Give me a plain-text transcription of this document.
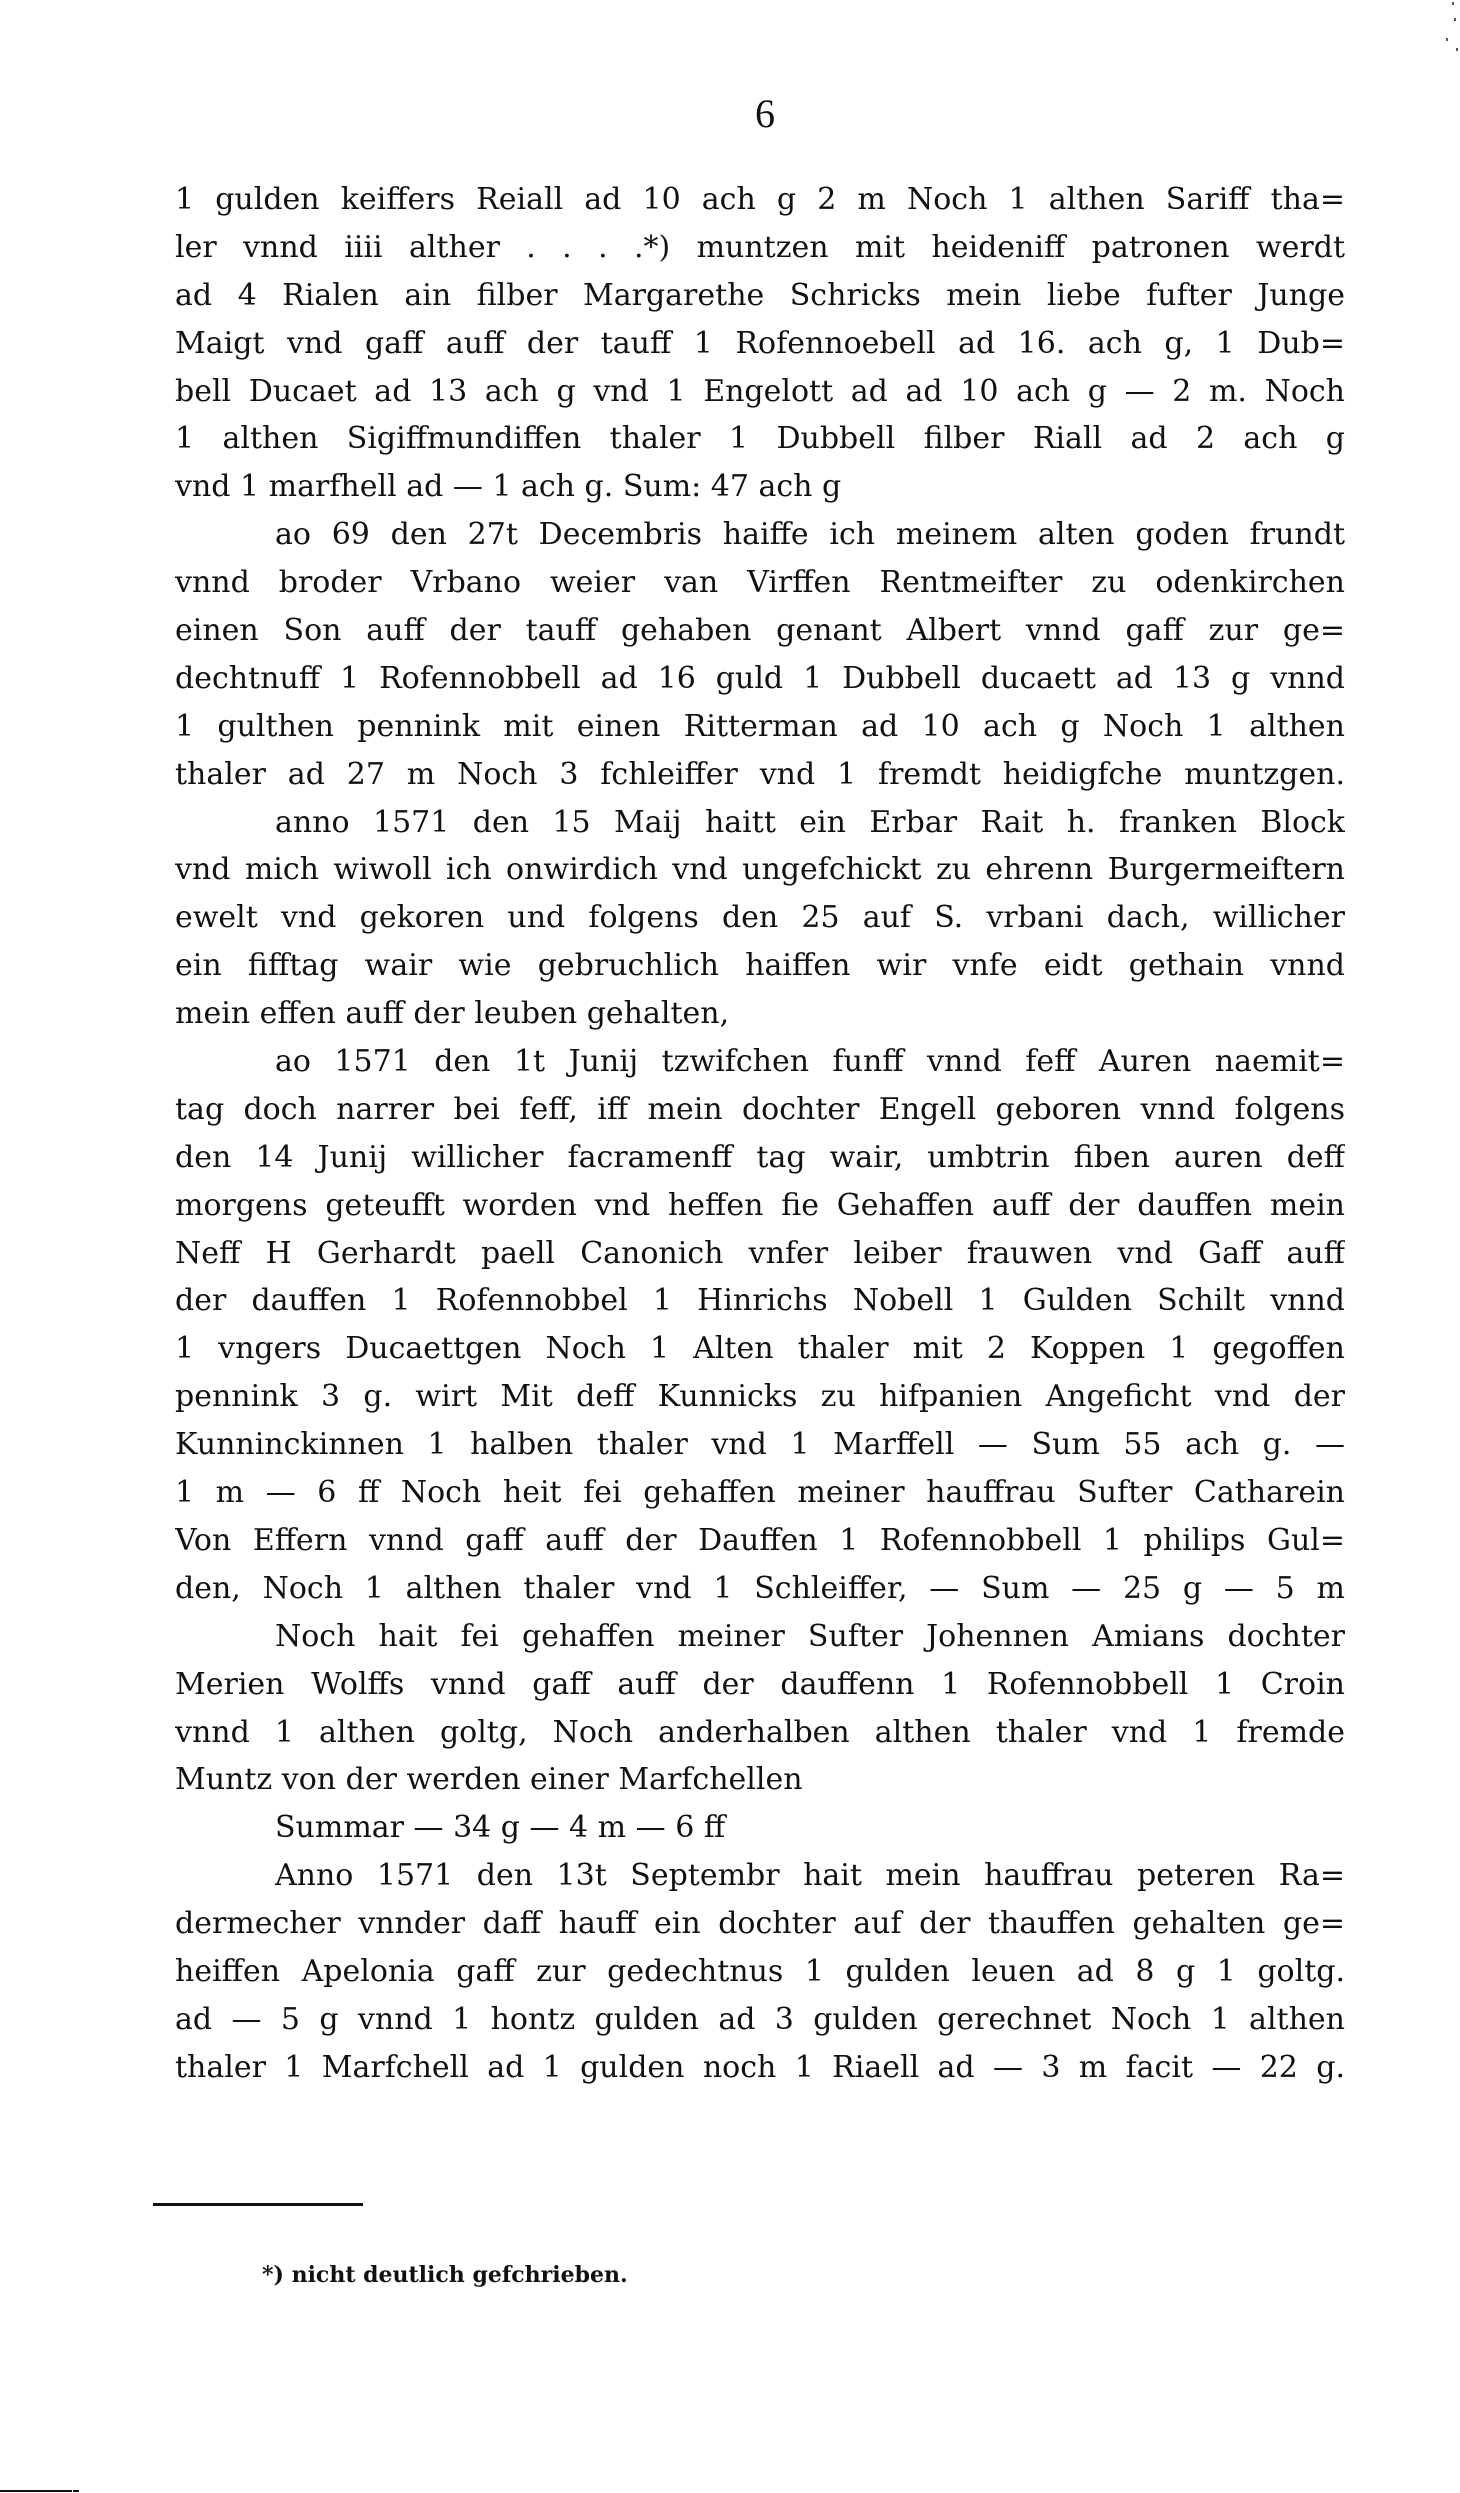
6
1 gulden keiffers Reiall ad 10 ach g 2 m Noch 1 althen Sariff tha=
ler vnnd iiii alther . . . .*) muntzen mit heideniff patronen werdt
ad 4 Rialen ain filber Margarethe Schricks mein liebe fufter Junge
Maigt vnd gaff auff der tauff 1 Rofennoebell ad 16. ach g, 1 Dub=
bell Ducaet ad 13 ach g vnd 1 Engelott ad ad 10 ach g — 2 m. Noch
1 althen Sigiffmundiffen thaler 1 Dubbell filber Riall ad 2 ach g
vnd 1 marfhell ad — 1 ach g. Sum: 47 ach g
ao 69 den 27t Decembris haiffe ich meinem alten goden frundt
vnnd broder Vrbano weier van Virffen Rentmeifter zu odenkirchen
einen Son auff der tauff gehaben genant Albert vnnd gaff zur ge=
dechtnuff 1 Rofennobbell ad 16 guld 1 Dubbell ducaett ad 13 g vnnd
1 gulthen pennink mit einen Ritterman ad 10 ach g Noch 1 althen
thaler ad 27 m Noch 3 fchleiffer vnd 1 fremdt heidigfche muntzgen.
anno 1571 den 15 Maij haitt ein Erbar Rait h. franken Block
vnd mich wiwoll ich onwirdich vnd ungefchickt zu ehrenn Burgermeiftern
ewelt vnd gekoren und folgens den 25 auf S. vrbani dach, willicher
ein fifftag wair wie gebruchlich haiffen wir vnfe eidt gethain vnnd
mein effen auff der leuben gehalten,
ao 1571 den 1t Junij tzwifchen funff vnnd feff Auren naemit=
tag doch narrer bei feff, iff mein dochter Engell geboren vnnd folgens
den 14 Junij willicher facramenff tag wair, umbtrin fiben auren deff
morgens geteufft worden vnd heffen fie Gehaffen auff der dauffen mein
Neff H Gerhardt paell Canonich vnfer leiber frauwen vnd Gaff auff
der dauffen 1 Rofennobbel 1 Hinrichs Nobell 1 Gulden Schilt vnnd
1 vngers Ducaettgen Noch 1 Alten thaler mit 2 Koppen 1 gegoffen
pennink 3 g. wirt Mit deff Kunnicks zu hifpanien Angeficht vnd der
Kunninckinnen 1 halben thaler vnd 1 Marffell — Sum 55 ach g. —
1 m — 6 ff Noch heit fei gehaffen meiner hauffrau Sufter Catharein
Von Effern vnnd gaff auff der Dauffen 1 Rofennobbell 1 philips Gul=
den, Noch 1 althen thaler vnd 1 Schleiffer, — Sum — 25 g — 5 m
Noch hait fei gehaffen meiner Sufter Johennen Amians dochter
Merien Wolffs vnnd gaff auff der dauffenn 1 Rofennobbell 1 Croin
vnnd 1 althen goltg, Noch anderhalben althen thaler vnd 1 fremde
Muntz von der werden einer Marfchellen
Summar — 34 g — 4 m — 6 ff
Anno 1571 den 13t Septembr hait mein hauffrau peteren Ra=
dermecher vnnder daff hauff ein dochter auf der thauffen gehalten ge=
heiffen Apelonia gaff zur gedechtnus 1 gulden leuen ad 8 g 1 goltg.
ad — 5 g vnnd 1 hontz gulden ad 3 gulden gerechnet Noch 1 althen
thaler 1 Marfchell ad 1 gulden noch 1 Riaell ad — 3 m facit — 22 g.
*) nicht deutlich gefchrieben.
